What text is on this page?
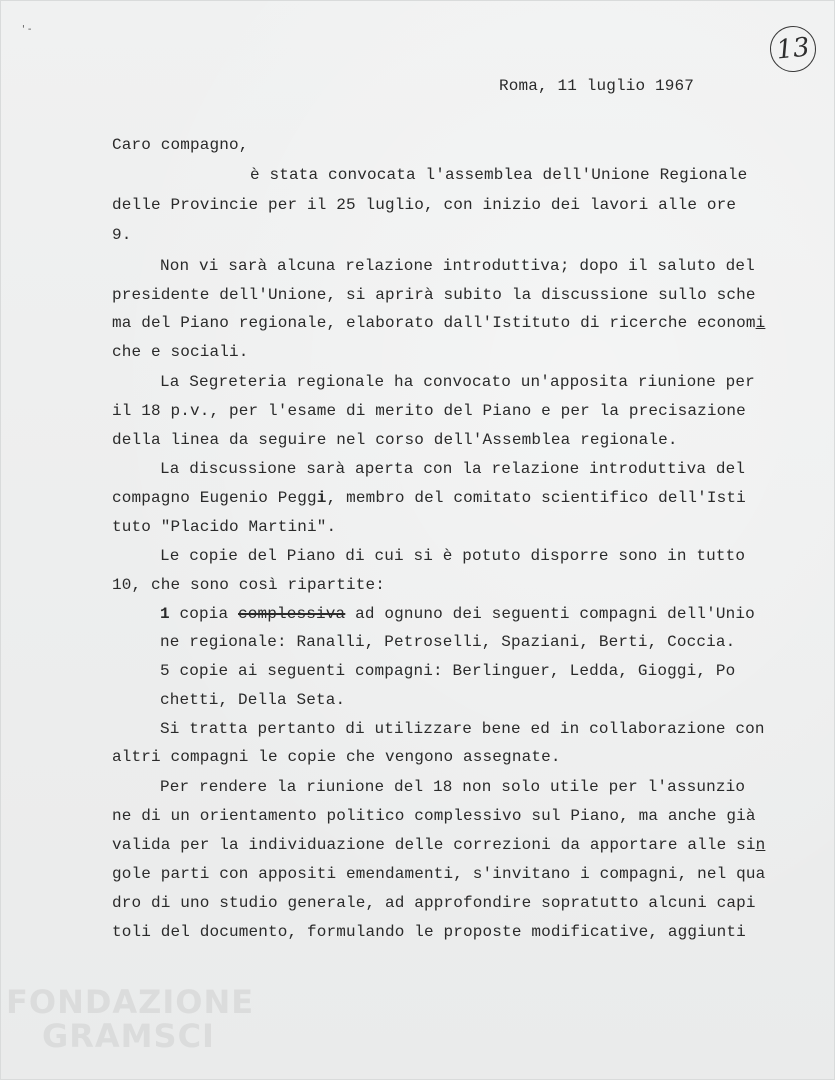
' -
13
Roma, 11 luglio 1967
Caro compagno,
è stata convocata l'assemblea dell'Unione Regionale
delle Provincie per il 25 luglio, con inizio dei lavori alle ore
9.
Non vi sarà alcuna relazione introduttiva; dopo il saluto del
presidente dell'Unione, si aprirà subito la discussione sullo sche
ma del Piano regionale, elaborato dall'Istituto di ricerche economi
che e sociali.
La Segreteria regionale ha convocato un'apposita riunione per
il 18 p.v., per l'esame di merito del Piano e per la precisazione
della linea da seguire nel corso dell'Assemblea regionale.
La discussione sarà aperta con la relazione introduttiva del
compagno Eugenio Peggi, membro del comitato scientifico dell'Isti
tuto "Placido Martini".
Le copie del Piano di cui si è potuto disporre sono in tutto
10, che sono così ripartite:
1 copia complessiva ad ognuno dei seguenti compagni dell'Unio
ne regionale: Ranalli, Petroselli, Spaziani, Berti, Coccia.
5 copie ai seguenti compagni: Berlinguer, Ledda, Gioggi, Po
chetti, Della Seta.
Si tratta pertanto di utilizzare bene ed in collaborazione con
altri compagni le copie che vengono assegnate.
Per rendere la riunione del 18 non solo utile per l'assunzio
ne di un orientamento politico complessivo sul Piano, ma anche già
valida per la individuazione delle correzioni da apportare alle sin
gole parti con appositi emendamenti, s'invitano i compagni, nel qua
dro di uno studio generale, ad approfondire sopratutto alcuni capi
toli del documento, formulando le proposte modificative, aggiunti
FONDAZIONE
GRAMSCI
